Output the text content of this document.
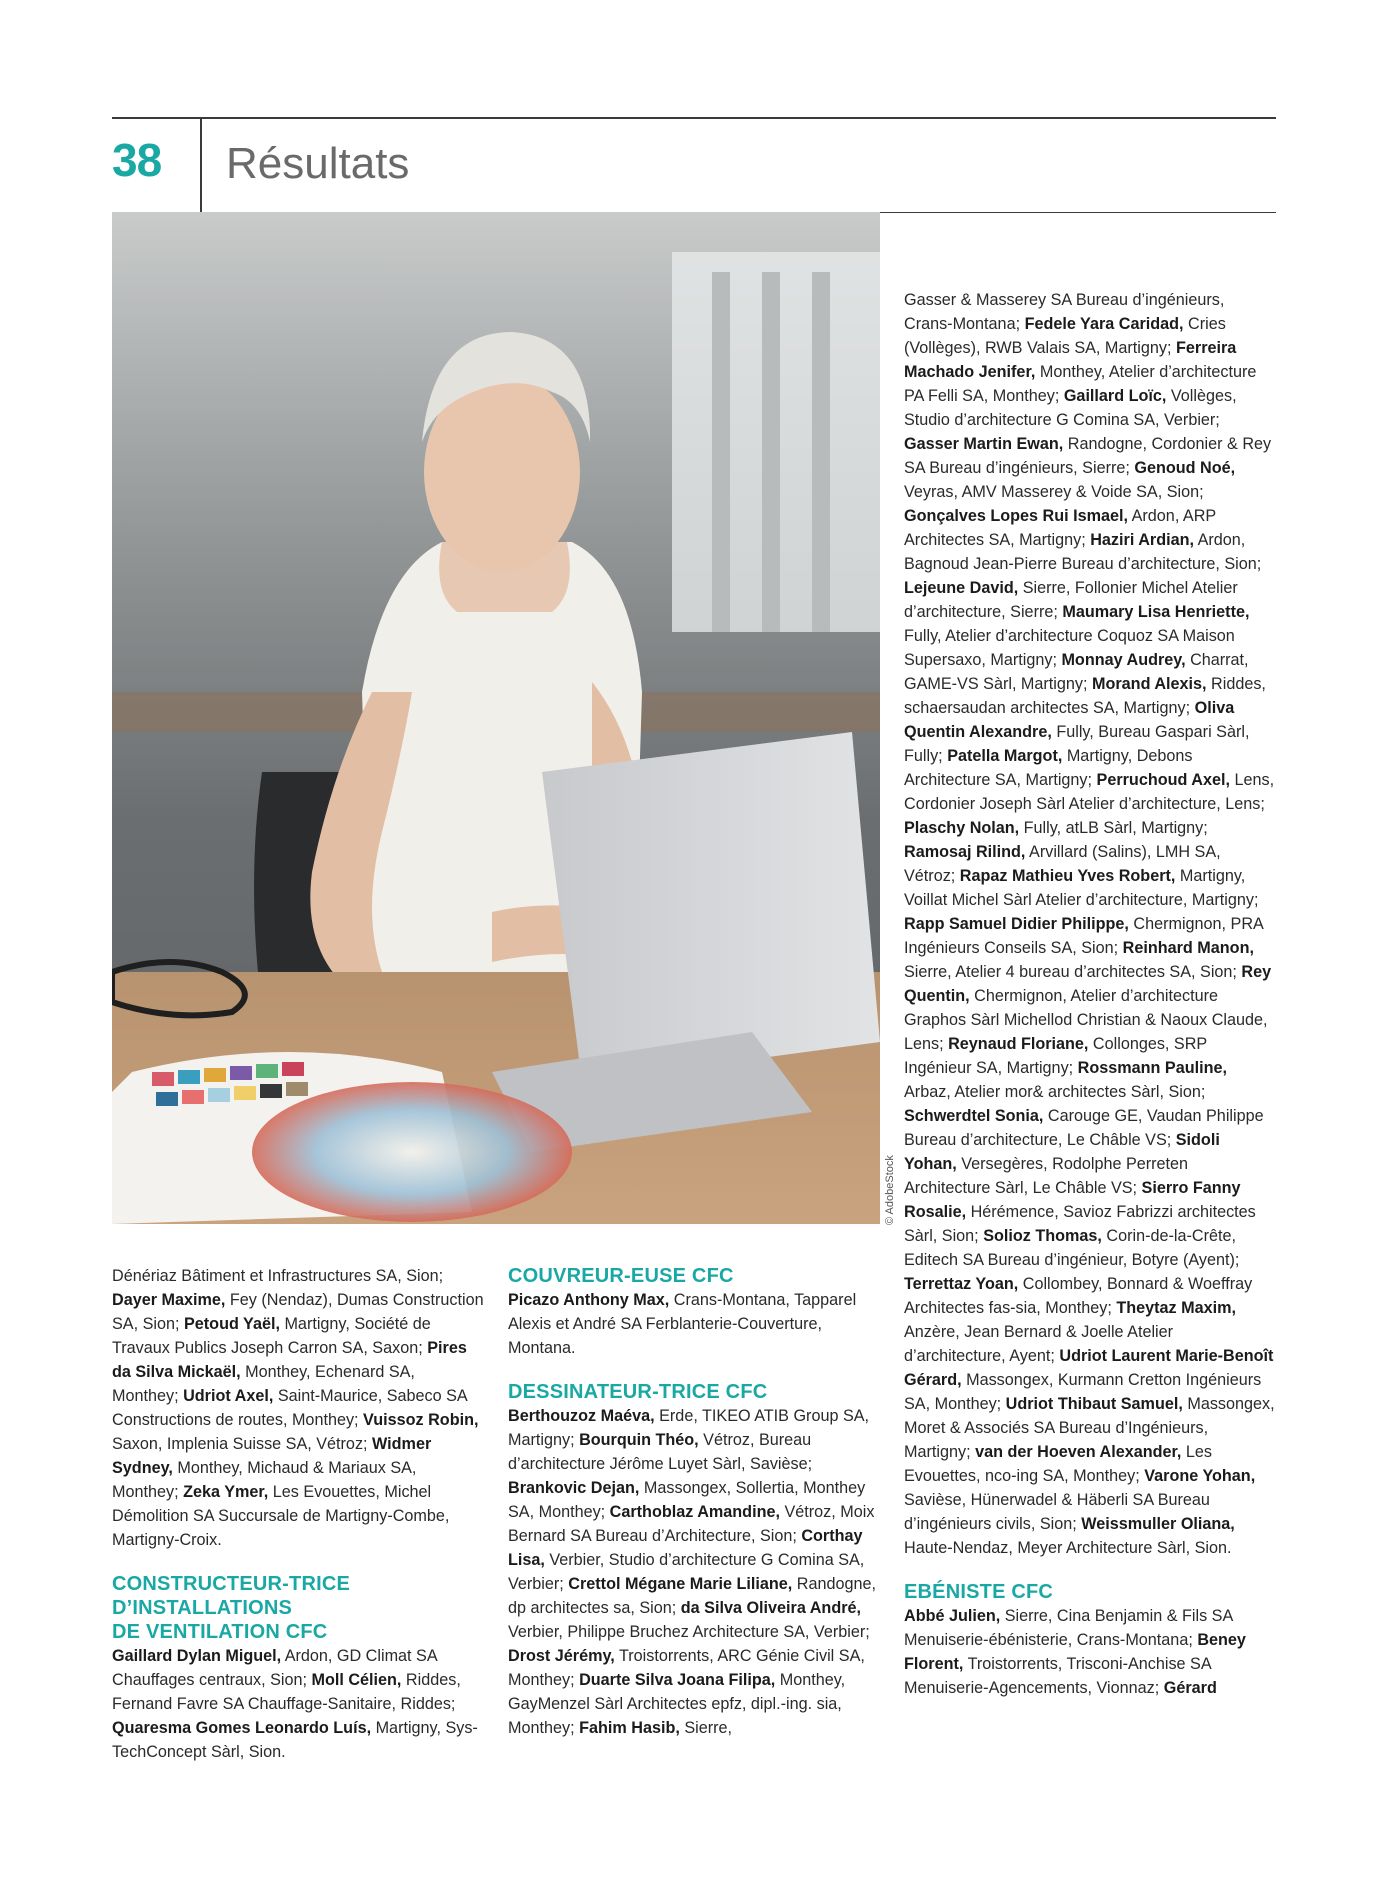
38	Résultats
© AdobeStock

Dénériaz Bâtiment et Infrastructures SA, Sion; Dayer Maxime, Fey (Nendaz), Dumas Construction SA, Sion; Petoud Yaël, Martigny, Société de Travaux Publics Joseph Carron SA, Saxon; Pires da Silva Mickaël, Monthey, Echenard SA, Monthey; Udriot Axel, Saint-Maurice, Sabeco SA Constructions de routes, Monthey; Vuissoz Robin, Saxon, Implenia Suisse SA, Vétroz; Widmer Sydney, Monthey, Michaud & Mariaux SA, Monthey; Zeka Ymer, Les Evouettes, Michel Démolition SA Succursale de Martigny-Combe, Martigny-Croix.

CONSTRUCTEUR-TRICE
D’INSTALLATIONS
DE VENTILATION CFC

Gaillard Dylan Miguel, Ardon, GD Climat SA Chauffages centraux, Sion; Moll Célien, Riddes, Fernand Favre SA Chauffage-Sanitaire, Riddes; Quaresma Gomes Leonardo Luís, Martigny, Sys-TechConcept Sàrl, Sion.

COUVREUR-EUSE CFC

Picazo Anthony Max, Crans-Montana, Tapparel Alexis et André SA Ferblanterie-Couverture, Montana.

DESSINATEUR-TRICE CFC

Berthouzoz Maéva, Erde, TIKEO ATIB Group SA, Martigny; Bourquin Théo, Vétroz, Bureau d’architecture Jérôme Luyet Sàrl, Savièse; Brankovic Dejan, Massongex, Sollertia, Monthey SA, Monthey; Carthoblaz Amandine, Vétroz, Moix Bernard SA Bureau d’Architecture, Sion; Corthay Lisa, Verbier, Studio d’architecture G Comina SA, Verbier; Crettol Mégane Marie Liliane, Randogne, dp architectes sa, Sion; da Silva Oliveira André, Verbier, Philippe Bruchez Architecture SA, Verbier; Drost Jérémy, Troistorrents, ARC Génie Civil SA, Monthey; Duarte Silva Joana Filipa, Monthey, GayMenzel Sàrl Architectes epfz, dipl.-ing. sia, Monthey; Fahim Hasib, Sierre,

Gasser & Masserey SA Bureau d’ingénieurs, Crans-Montana; Fedele Yara Caridad, Cries (Vollèges), RWB Valais SA, Martigny; Ferreira Machado Jenifer, Monthey, Atelier d’architecture PA Felli SA, Monthey; Gaillard Loïc, Vollèges, Studio d’architecture G Comina SA, Verbier; Gasser Martin Ewan, Randogne, Cordonier & Rey SA Bureau d’ingénieurs, Sierre; Genoud Noé, Veyras, AMV Masserey & Voide SA, Sion; Gonçalves Lopes Rui Ismael, Ardon, ARP Architectes SA, Martigny; Haziri Ardian, Ardon, Bagnoud Jean-Pierre Bureau d’architecture, Sion; Lejeune David, Sierre, Follonier Michel Atelier d’architecture, Sierre; Maumary Lisa Henriette, Fully, Atelier d’architecture Coquoz SA Maison Supersaxo, Martigny; Monnay Audrey, Charrat, GAME-VS Sàrl, Martigny; Morand Alexis, Riddes, schaersaudan architectes SA, Martigny; Oliva Quentin Alexandre, Fully, Bureau Gaspari Sàrl, Fully; Patella Margot, Martigny, Debons Architecture SA, Martigny; Perruchoud Axel, Lens, Cordonier Joseph Sàrl Atelier d’architecture, Lens; Plaschy Nolan, Fully, atLB Sàrl, Martigny; Ramosaj Rilind, Arvillard (Salins), LMH SA, Vétroz; Rapaz Mathieu Yves Robert, Martigny, Voillat Michel Sàrl Atelier d’architecture, Martigny; Rapp Samuel Didier Philippe, Chermignon, PRA Ingénieurs Conseils SA, Sion; Reinhard Manon, Sierre, Atelier 4 bureau d’architectes SA, Sion; Rey Quentin, Chermignon, Atelier d’architecture Graphos Sàrl Michellod Christian & Naoux Claude, Lens; Reynaud Floriane, Collonges, SRP Ingénieur SA, Martigny; Rossmann Pauline, Arbaz, Atelier mor& architectes Sàrl, Sion; Schwerdtel Sonia, Carouge GE, Vaudan Philippe Bureau d’architecture, Le Châble VS; Sidoli Yohan, Versegères, Rodolphe Perreten Architecture Sàrl, Le Châble VS; Sierro Fanny Rosalie, Hérémence, Savioz Fabrizzi architectes Sàrl, Sion; Solioz Thomas, Corin-de-la-Crête, Editech SA Bureau d’ingénieur, Botyre (Ayent); Terrettaz Yoan, Collombey, Bonnard & Woeffray Architectes fas-sia, Monthey; Theytaz Maxim, Anzère, Jean Bernard & Joelle Atelier d’architecture, Ayent; Udriot Laurent Marie-Benoît Gérard, Massongex, Kurmann Cretton Ingénieurs SA, Monthey; Udriot Thibaut Samuel, Massongex, Moret & Associés SA Bureau d’Ingénieurs, Martigny; van der Hoeven Alexander, Les Evouettes, nco-ing SA, Monthey; Varone Yohan, Savièse, Hünerwadel & Häberli SA Bureau d’ingénieurs civils, Sion; Weissmuller Oliana, Haute-Nendaz, Meyer Architecture Sàrl, Sion.

EBÉNISTE CFC

Abbé Julien, Sierre, Cina Benjamin & Fils SA Menuiserie-ébénisterie, Crans-Montana; Beney Florent, Troistorrents, Trisconi-Anchise SA Menuiserie-Agencements, Vionnaz; Gérard
